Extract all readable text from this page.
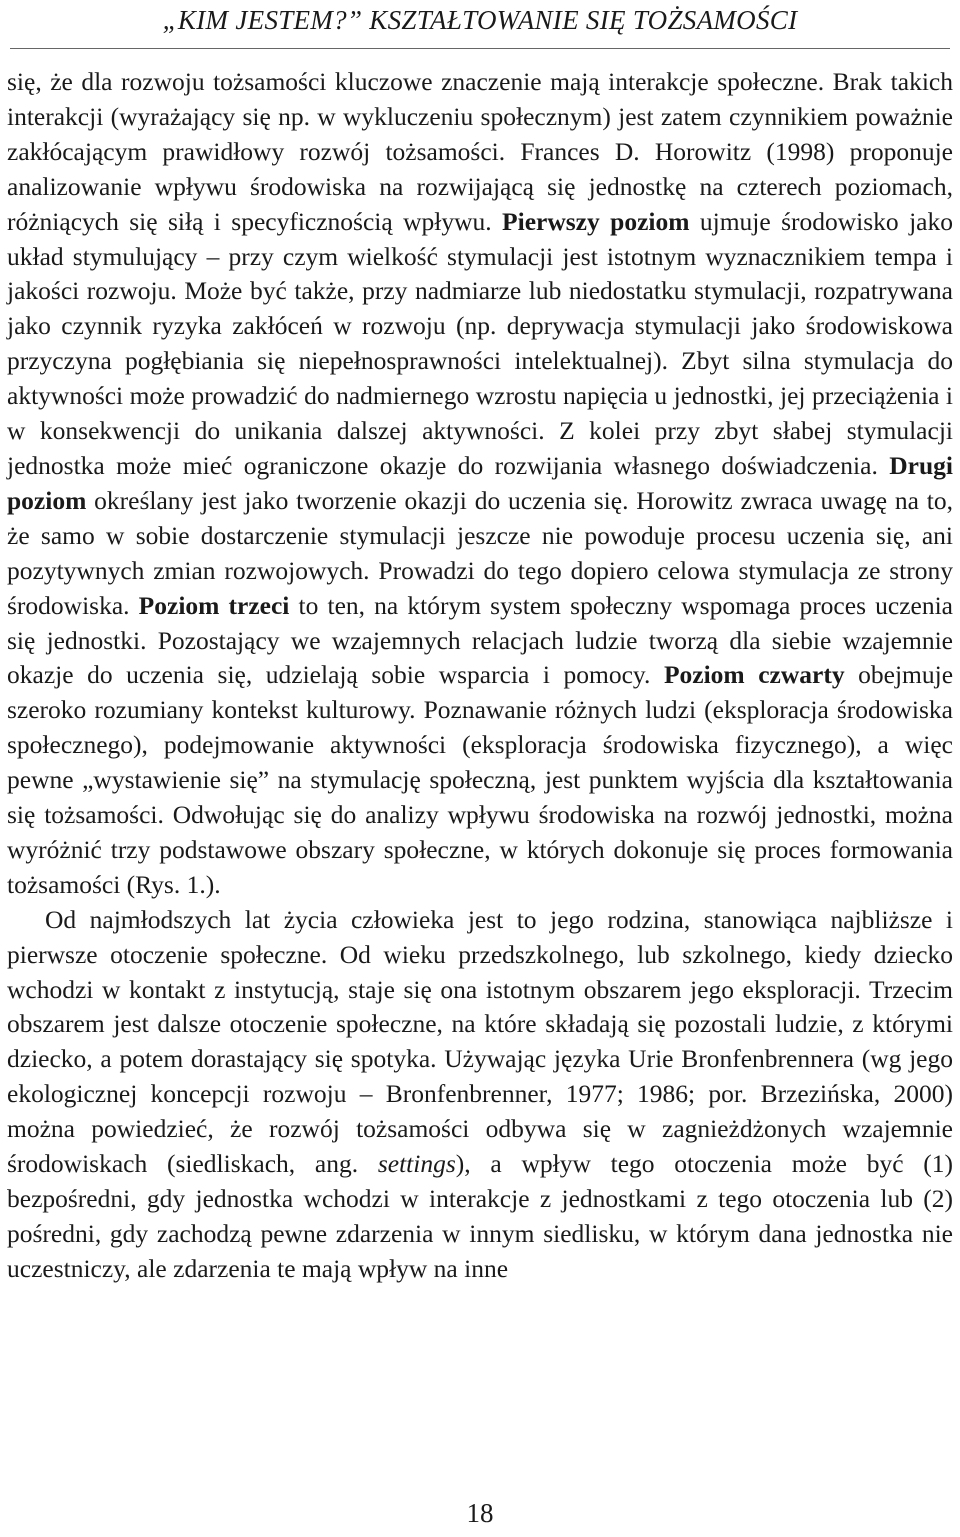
„KIM JESTEM?” KSZTAŁTOWANIE SIĘ TOŻSAMOŚCI

się, że dla rozwoju tożsamości kluczowe znaczenie mają interakcje społeczne. Brak takich interakcji (wyrażający się np. w wykluczeniu społecznym) jest zatem czynnikiem poważnie zakłócającym prawidłowy rozwój tożsamości. Frances D. Horowitz (1998) proponuje analizowanie wpływu środowiska na rozwijającą się jednostkę na czterech poziomach, różniących się siłą i specyficznością wpływu. Pierwszy poziom ujmuje środowisko jako układ stymulujący – przy czym wielkość stymulacji jest istotnym wyznacznikiem tempa i jakości rozwoju. Może być także, przy nadmiarze lub niedostatku stymulacji, rozpatrywana jako czynnik ryzyka zakłóceń w rozwoju (np. deprywacja stymulacji jako środowiskowa przyczyna pogłębiania się niepełnosprawności intelektualnej). Zbyt silna stymulacja do aktywności może prowadzić do nadmiernego wzrostu napięcia u jednostki, jej przeciążenia i w konsekwencji do unikania dalszej aktywności. Z kolei przy zbyt słabej stymulacji jednostka może mieć ograniczone okazje do rozwijania własnego doświadczenia. Drugi poziom określany jest jako tworzenie okazji do uczenia się. Horowitz zwraca uwagę na to, że samo w sobie dostarczenie stymulacji jeszcze nie powoduje procesu uczenia się, ani pozytywnych zmian rozwojowych. Prowadzi do tego dopiero celowa stymulacja ze strony środowiska. Poziom trzeci to ten, na którym system społeczny wspomaga proces uczenia się jednostki. Pozostający we wzajemnych relacjach ludzie tworzą dla siebie wzajemnie okazje do uczenia się, udzielają sobie wsparcia i pomocy. Poziom czwarty obejmuje szeroko rozumiany kontekst kulturowy. Poznawanie różnych ludzi (eksploracja środowiska społecznego), podejmowanie aktywności (eksploracja środowiska fizycznego), a więc pewne „wystawienie się” na stymulację społeczną, jest punktem wyjścia dla kształtowania się tożsamości. Odwołując się do analizy wpływu środowiska na rozwój jednostki, można wyróżnić trzy podstawowe obszary społeczne, w których dokonuje się proces formowania tożsamości (Rys. 1.).

Od najmłodszych lat życia człowieka jest to jego rodzina, stanowiąca najbliższe i pierwsze otoczenie społeczne. Od wieku przedszkolnego, lub szkolnego, kiedy dziecko wchodzi w kontakt z instytucją, staje się ona istotnym obszarem jego eksploracji. Trzecim obszarem jest dalsze otoczenie społeczne, na które składają się pozostali ludzie, z którymi dziecko, a potem dorastający się spotyka. Używając języka Urie Bronfenbrennera (wg jego ekologicznej koncepcji rozwoju – Bronfenbrenner, 1977; 1986; por. Brzezińska, 2000) można powiedzieć, że rozwój tożsamości odbywa się w zagnieżdżonych wzajemnie środowiskach (siedliskach, ang. settings), a wpływ tego otoczenia może być (1) bezpośredni, gdy jednostka wchodzi w interakcje z jednostkami z tego otoczenia lub (2) pośredni, gdy zachodzą pewne zdarzenia w innym siedlisku, w którym dana jednostka nie uczestniczy, ale zdarzenia te mają wpływ na inne

18
